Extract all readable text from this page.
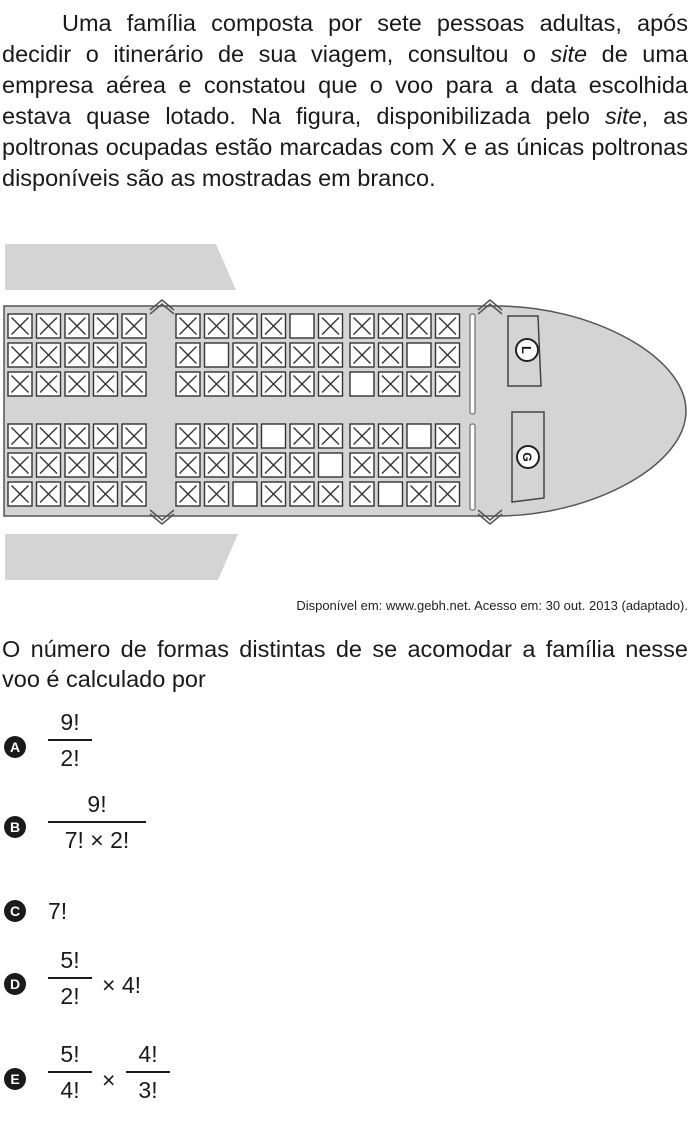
Uma família composta por sete pessoas adultas, após decidir o itinerário de sua viagem, consultou o site de uma empresa aérea e constatou que o voo para a data escolhida estava quase lotado. Na figura, disponibilizada pelo site, as poltronas ocupadas estão marcadas com X e as únicas poltronas disponíveis são as mostradas em branco.

L
G
Disponível em: www.gebh.net. Acesso em: 30 out. 2013 (adaptado).
O número de formas distintas de se acomodar a família nesse voo é calculado por
A
9!
2!
B
9!
7! × 2!
C 7!
D
5!
2! × 4!
E
5!
4! ×
4!
3!
